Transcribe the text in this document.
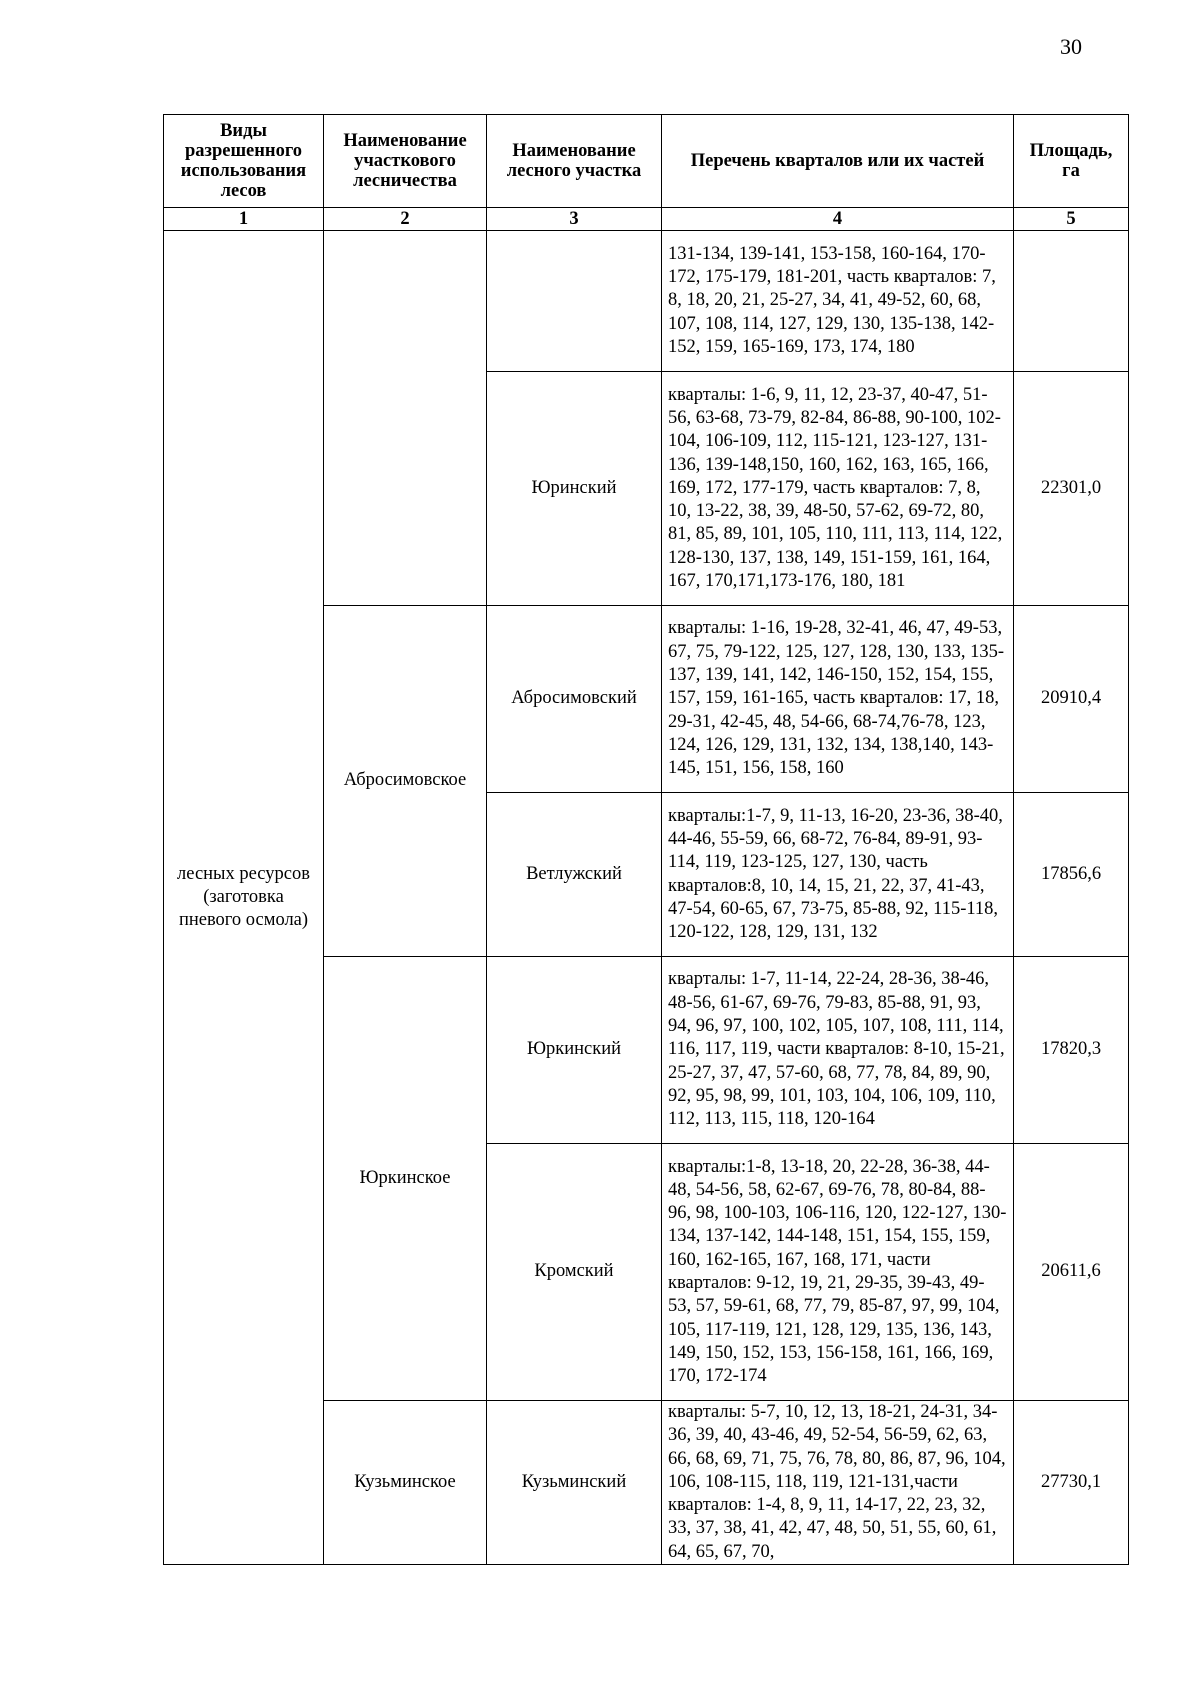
30
Виды разрешенного использования лесов	Наименование участкового лесничества	Наименование лесного участка	Перечень кварталов или их частей	Площадь, га
1	2	3	4	5
лесных ресурсов (заготовка пневого осмола)			131-134, 139-141, 153-158, 160-164, 170-172, 175-179, 181-201, часть кварталов: 7, 8, 18, 20, 21, 25-27, 34, 41, 49-52, 60, 68, 107, 108, 114, 127, 129, 130, 135-138, 142-152, 159, 165-169, 173, 174, 180	
		Юринский	кварталы: 1-6, 9, 11, 12, 23-37, 40-47, 51-56, 63-68, 73-79, 82-84, 86-88, 90-100, 102-104, 106-109, 112, 115-121, 123-127, 131-136, 139-148,150, 160, 162, 163, 165, 166, 169, 172, 177-179, часть кварталов: 7, 8, 10, 13-22, 38, 39, 48-50, 57-62, 69-72, 80, 81, 85, 89, 101, 105, 110, 111, 113, 114, 122, 128-130, 137, 138, 149, 151-159, 161, 164, 167, 170,171,173-176, 180, 181	22301,0
	Абросимовское	Абросимовский	кварталы: 1-16, 19-28, 32-41, 46, 47, 49-53, 67, 75, 79-122, 125, 127, 128, 130, 133, 135- 137, 139, 141, 142, 146-150, 152, 154, 155, 157, 159, 161-165, часть кварталов: 17, 18, 29-31, 42-45, 48, 54-66, 68-74,76-78, 123, 124, 126, 129, 131, 132, 134, 138,140, 143-145, 151, 156, 158, 160	20910,4
		Ветлужский	кварталы:1-7, 9, 11-13, 16-20, 23-36, 38-40, 44-46, 55-59, 66, 68-72, 76-84, 89-91, 93-114, 119, 123-125, 127, 130, часть кварталов:8, 10, 14, 15, 21, 22, 37, 41-43, 47-54, 60-65, 67, 73-75, 85-88, 92, 115-118, 120-122, 128, 129, 131, 132	17856,6
	Юркинское	Юркинский	кварталы: 1-7, 11-14, 22-24, 28-36, 38-46, 48-56, 61-67, 69-76, 79-83, 85-88, 91, 93, 94, 96, 97, 100, 102, 105, 107, 108, 111, 114, 116, 117, 119, части кварталов: 8-10, 15-21, 25-27, 37, 47, 57-60, 68, 77, 78, 84, 89, 90, 92, 95, 98, 99, 101, 103, 104, 106, 109, 110, 112, 113, 115, 118, 120-164	17820,3
		Кромский	кварталы:1-8, 13-18, 20, 22-28, 36-38, 44-48, 54-56, 58, 62-67, 69-76, 78, 80-84, 88-96, 98, 100-103, 106-116, 120, 122-127, 130-134, 137-142, 144-148, 151, 154, 155, 159, 160, 162-165, 167, 168, 171, части кварталов: 9-12, 19, 21, 29-35, 39-43, 49-53, 57, 59-61, 68, 77, 79, 85-87, 97, 99, 104, 105, 117-119, 121, 128, 129, 135, 136, 143, 149, 150, 152, 153, 156-158, 161, 166, 169, 170, 172-174	20611,6
	Кузьминское	Кузьминский	кварталы: 5-7, 10, 12, 13, 18-21, 24-31, 34-36, 39, 40, 43-46, 49, 52-54, 56-59, 62, 63, 66, 68, 69, 71, 75, 76, 78, 80, 86, 87, 96, 104, 106, 108-115, 118, 119, 121-131,части кварталов: 1-4, 8, 9, 11, 14-17, 22, 23, 32, 33, 37, 38, 41, 42, 47, 48, 50, 51, 55, 60, 61, 64, 65, 67, 70,	27730,1
